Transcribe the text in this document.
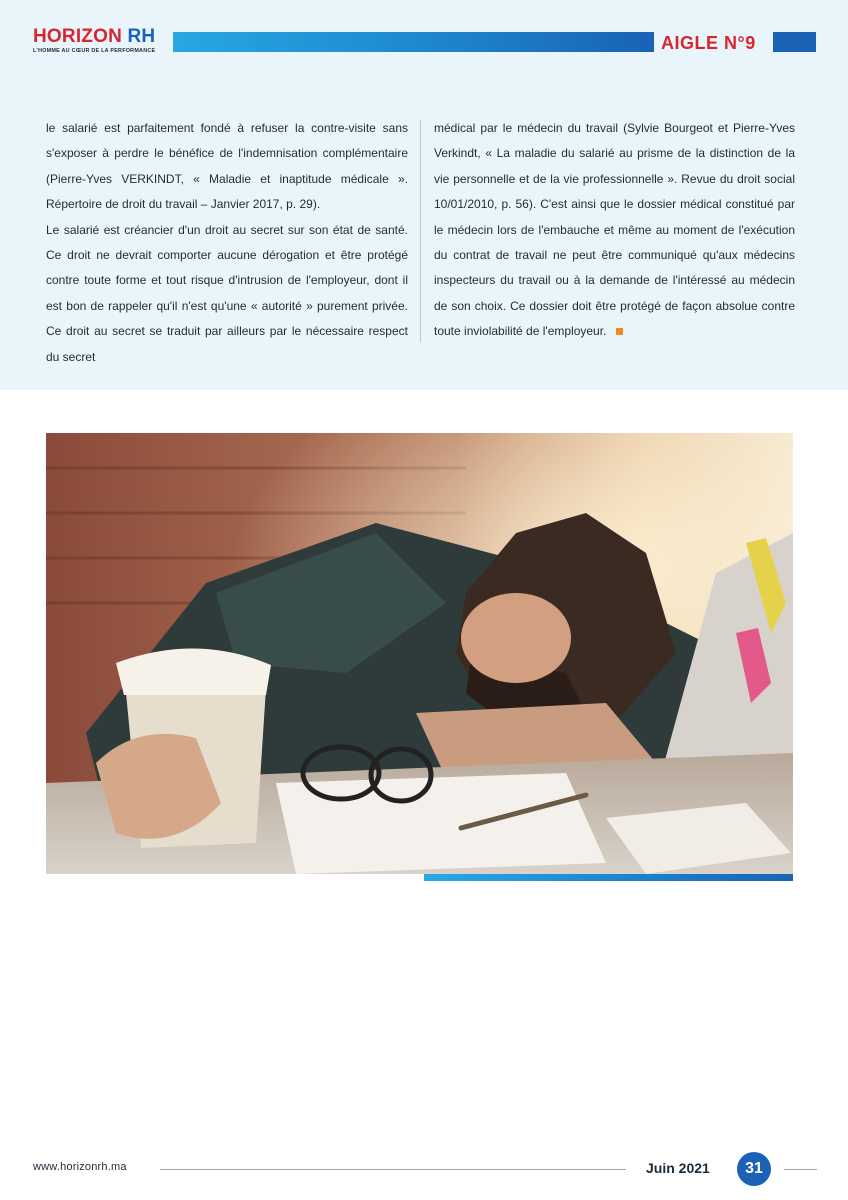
HORIZON RH
L'HOMME AU CŒUR DE LA PERFORMANCE	AIGLE N°9

le salarié est parfaitement fondé à refuser la contre-visite sans s'exposer à perdre le bénéfice de l'indemnisation complémentaire (Pierre-Yves VERKINDT, « Maladie et inaptitude médicale ». Répertoire de droit du travail – Janvier 2017, p. 29).

Le salarié est créancier d'un droit au secret sur son état de santé. Ce droit ne devrait comporter aucune dérogation et être protégé contre toute forme et tout risque d'intrusion de l'employeur, dont il est bon de rappeler qu'il n'est qu'une « autorité » purement privée. Ce droit au secret se traduit par ailleurs par le nécessaire respect du secret

médical par le médecin du travail (Sylvie Bourgeot et Pierre-Yves Verkindt, « La maladie du salarié au prisme de la distinction de la vie personnelle et de la vie professionnelle ». Revue du droit social 10/01/2010, p. 56). C'est ainsi que le dossier médical constitué par le médecin lors de l'embauche et même au moment de l'exécution du contrat de travail ne peut être communiqué qu'aux médecins inspecteurs du travail ou à la demande de l'intéressé au médecin de son choix. Ce dossier doit être protégé de façon absolue contre toute inviolabilité de l'employeur.

www.horizonrh.ma	Juin 2021	31
